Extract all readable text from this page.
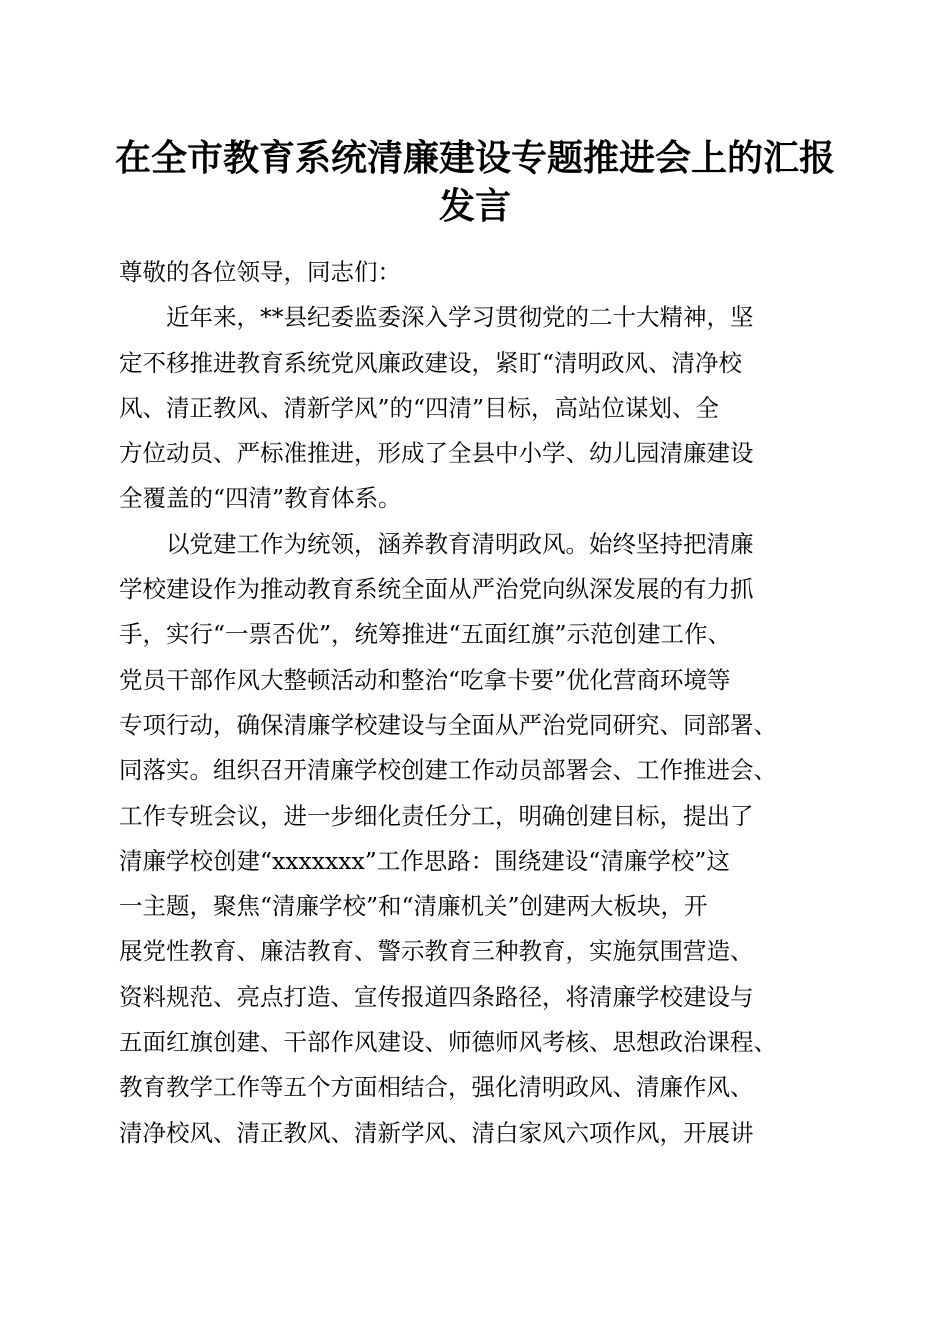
在全市教育系统清廉建设专题推进会上的汇报
发言
尊敬的各位领导，同志们：
近年来，**县纪委监委深入学习贯彻党的二十大精神，坚
定不移推进教育系统党风廉政建设，紧盯“清明政风、清净校
风、清正教风、清新学风”的“四清”目标，高站位谋划、全
方位动员、严标准推进，形成了全县中小学、幼儿园清廉建设
全覆盖的“四清”教育体系。
以党建工作为统领，涵养教育清明政风。始终坚持把清廉
学校建设作为推动教育系统全面从严治党向纵深发展的有力抓
手，实行“一票否优”，统筹推进“五面红旗”示范创建工作、
党员干部作风大整顿活动和整治“吃拿卡要”优化营商环境等
专项行动，确保清廉学校建设与全面从严治党同研究、同部署、
同落实。组织召开清廉学校创建工作动员部署会、工作推进会、
工作专班会议，进一步细化责任分工，明确创建目标，提出了
清廉学校创建“xxxxxxx”工作思路：围绕建设“清廉学校”这
一主题，聚焦“清廉学校”和“清廉机关”创建两大板块，开
展党性教育、廉洁教育、警示教育三种教育，实施氛围营造、
资料规范、亮点打造、宣传报道四条路径，将清廉学校建设与
五面红旗创建、干部作风建设、师德师风考核、思想政治课程、
教育教学工作等五个方面相结合，强化清明政风、清廉作风、
清净校风、清正教风、清新学风、清白家风六项作风，开展讲
